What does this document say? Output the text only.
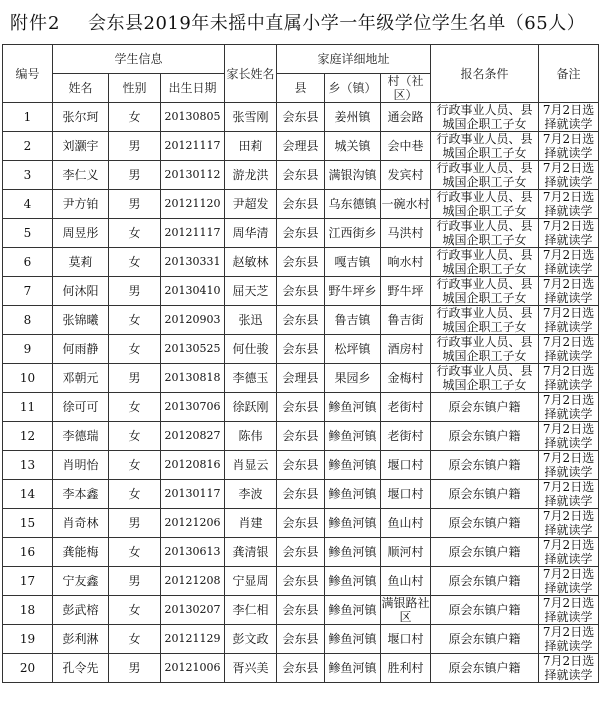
附件2 会东县2019年未摇中直属小学一年级学位学生名单（65人）
编号	学生信息			家长姓名	家庭详细地址			报名条件	备注
	姓名	性别	出生日期		县	乡（镇）	村（社区）		
1	张尔珂	女	20130805	张雪刚	会东县	姜州镇	通会路	行政事业人员、县城国企职工子女	7月2日选择就读学
2	刘灏宇	男	20121117	田莉	会理县	城关镇	会中巷	行政事业人员、县城国企职工子女	7月2日选择就读学
3	李仁义	男	20130112	游龙洪	会东县	满银沟镇	发宾村	行政事业人员、县城国企职工子女	7月2日选择就读学
4	尹方铂	男	20121120	尹超发	会东县	乌东德镇	一碗水村	行政事业人员、县城国企职工子女	7月2日选择就读学
5	周昱彤	女	20121117	周华清	会东县	江西街乡	马洪村	行政事业人员、县城国企职工子女	7月2日选择就读学
6	莫莉	女	20130331	赵敏林	会东县	嘎吉镇	响水村	行政事业人员、县城国企职工子女	7月2日选择就读学
7	何沐阳	男	20130410	屈天芝	会东县	野牛坪乡	野牛坪	行政事业人员、县城国企职工子女	7月2日选择就读学
8	张锦曦	女	20120903	张迅	会东县	鲁吉镇	鲁吉街	行政事业人员、县城国企职工子女	7月2日选择就读学
9	何雨静	女	20130525	何仕骏	会东县	松坪镇	酒房村	行政事业人员、县城国企职工子女	7月2日选择就读学
10	邓朝元	男	20130818	李德玉	会理县	果园乡	金梅村	行政事业人员、县城国企职工子女	7月2日选择就读学
11	徐可可	女	20130706	徐跃刚	会东县	鲹鱼河镇	老街村	原会东镇户籍	7月2日选择就读学
12	李德瑞	女	20120827	陈伟	会东县	鲹鱼河镇	老街村	原会东镇户籍	7月2日选择就读学
13	肖明怡	女	20120816	肖显云	会东县	鲹鱼河镇	堰口村	原会东镇户籍	7月2日选择就读学
14	李本鑫	女	20130117	李波	会东县	鲹鱼河镇	堰口村	原会东镇户籍	7月2日选择就读学
15	肖奇林	男	20121206	肖建	会东县	鲹鱼河镇	鱼山村	原会东镇户籍	7月2日选择就读学
16	龚能梅	女	20130613	龚清银	会东县	鲹鱼河镇	顺河村	原会东镇户籍	7月2日选择就读学
17	宁友鑫	男	20121208	宁显周	会东县	鲹鱼河镇	鱼山村	原会东镇户籍	7月2日选择就读学
18	彭武榕	女	20130207	李仁相	会东县	鲹鱼河镇	满银路社区	原会东镇户籍	7月2日选择就读学
19	彭利淋	女	20121129	彭文政	会东县	鲹鱼河镇	堰口村	原会东镇户籍	7月2日选择就读学
20	孔令先	男	20121006	胥兴美	会东县	鲹鱼河镇	胜利村	原会东镇户籍	7月2日选择就读学
